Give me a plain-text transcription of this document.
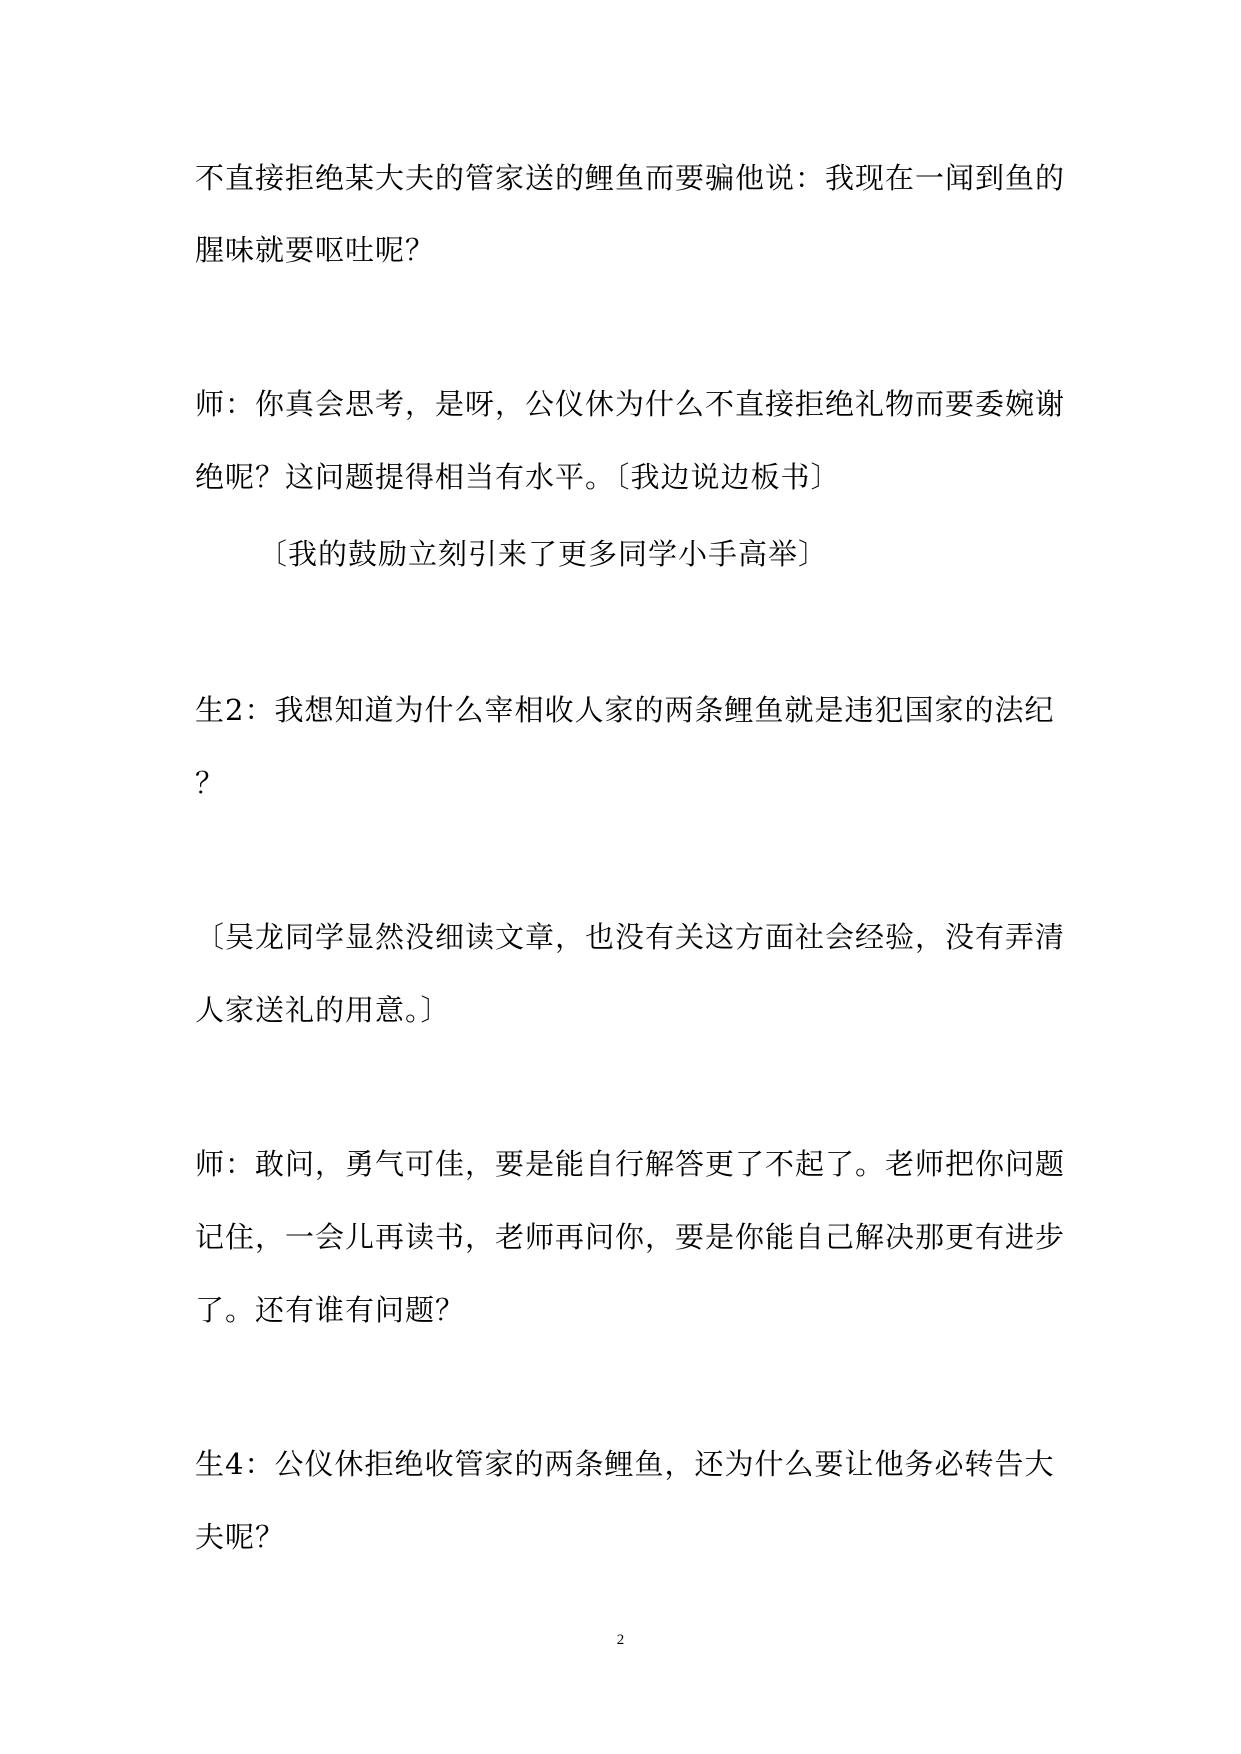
不直接拒绝某大夫的管家送的鲤鱼而要骗他说：我现在一闻到鱼的
腥味就要呕吐呢？
师：你真会思考，是呀，公仪休为什么不直接拒绝礼物而要委婉谢
绝呢？这问题提得相当有水平。〔我边说边板书〕
〔我的鼓励立刻引来了更多同学小手高举〕
生2：我想知道为什么宰相收人家的两条鲤鱼就是违犯国家的法纪
？
〔吴龙同学显然没细读文章，也没有关这方面社会经验，没有弄清
人家送礼的用意。〕
师：敢问，勇气可佳，要是能自行解答更了不起了。老师把你问题
记住，一会儿再读书，老师再问你，要是你能自己解决那更有进步
了。还有谁有问题？
生4：公仪休拒绝收管家的两条鲤鱼，还为什么要让他务必转告大
夫呢？
2
